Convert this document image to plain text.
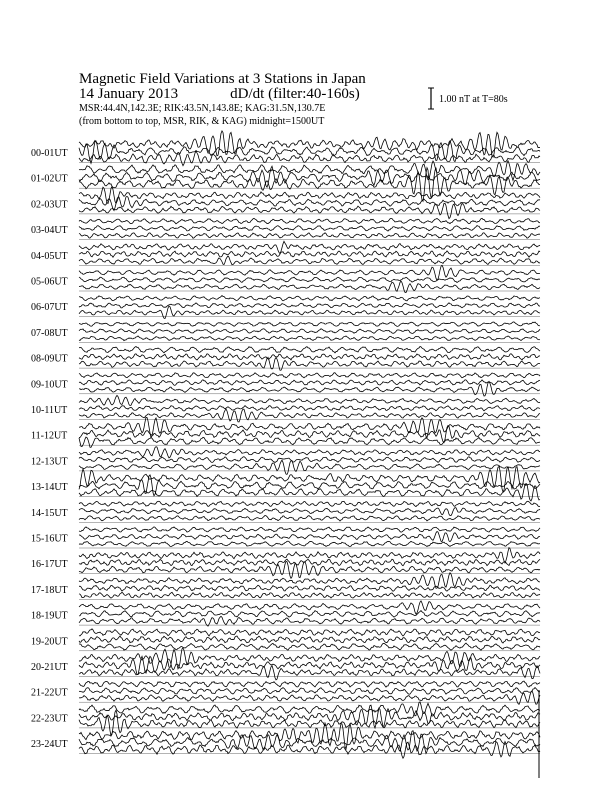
Magnetic Field Variations at 3 Stations in Japan
14 January 2013	dD/dt (filter:40-160s)
MSR:44.4N,142.3E; RIK:43.5N,143.8E; KAG:31.5N,130.7E
(from bottom to top, MSR, RIK, & KAG) midnight=1500UT
1.00 nT at T=80s
00-01UT
01-02UT
02-03UT
03-04UT
04-05UT
05-06UT
06-07UT
07-08UT
08-09UT
09-10UT
10-11UT
11-12UT
12-13UT
13-14UT
14-15UT
15-16UT
16-17UT
17-18UT
18-19UT
19-20UT
20-21UT
21-22UT
22-23UT
23-24UT
